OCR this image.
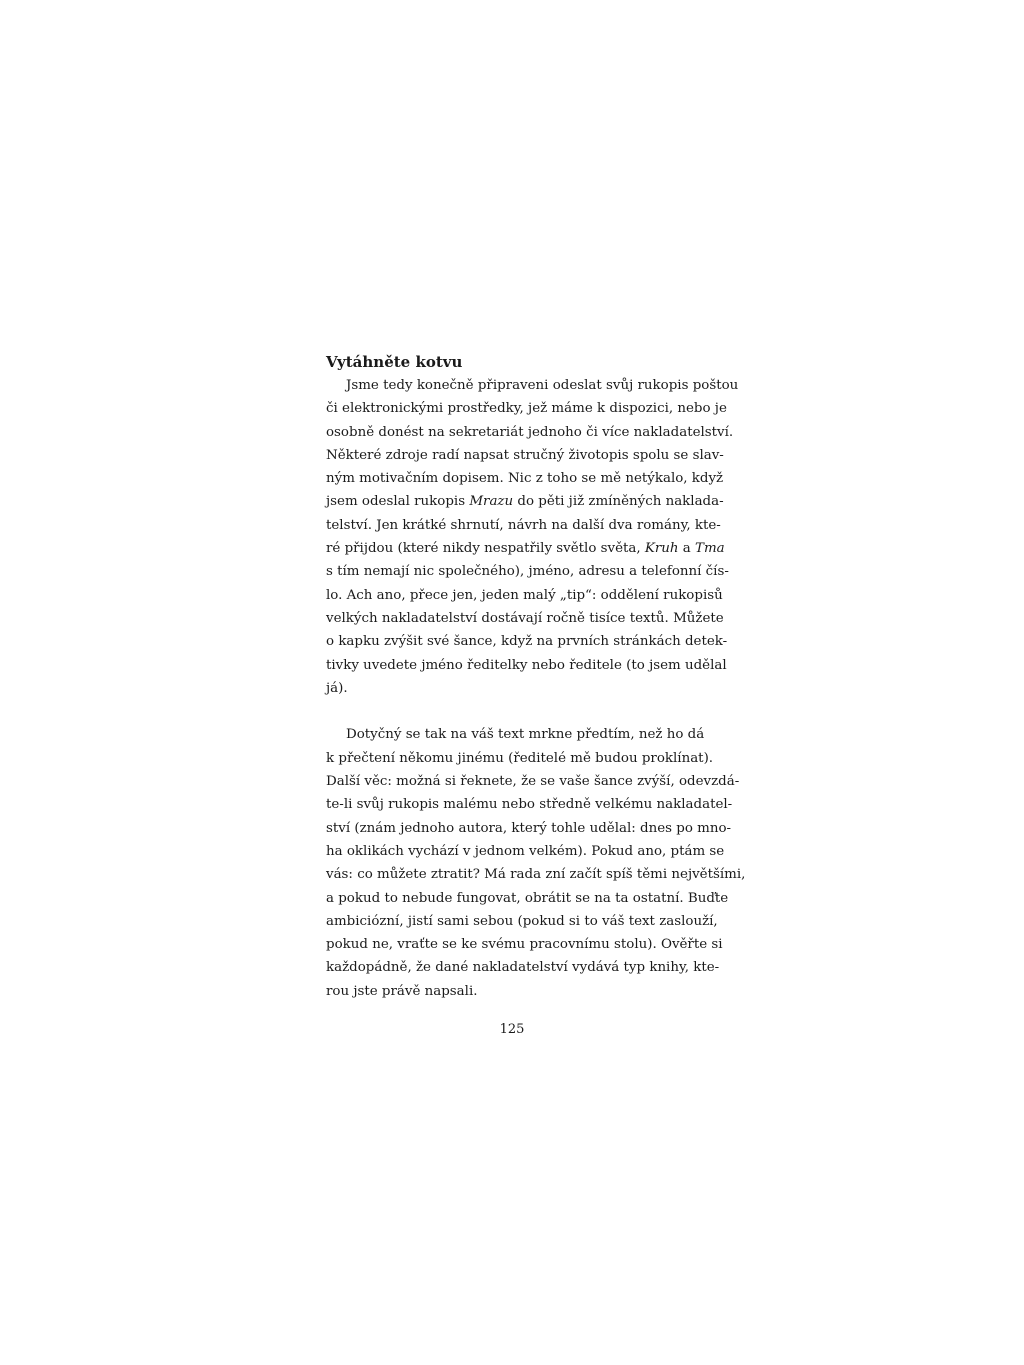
Vytáhněte kotvu
Jsme tedy konečně připraveni odeslat svůj rukopis poštou
či elektronickými prostředky, jež máme k dispozici, nebo je
osobně donést na sekretariát jednoho či více nakladatelství.
Některé zdroje radí napsat stručný životopis spolu se slav-
ným motivačním dopisem. Nic z toho se mě netýkalo, když
jsem odeslal rukopis Mrazu do pěti již zmíněných naklada-
telství. Jen krátké shrnutí, návrh na další dva romány, kte-
ré přijdou (které nikdy nespatřily světlo světa, Kruh a Tma
s tím nemají nic společného), jméno, adresu a telefonní čís-
lo. Ach ano, přece jen, jeden malý „tip“: oddělení rukopisů
velkých nakladatelství dostávají ročně tisíce textů. Můžete
o kapku zvýšit své šance, když na prvních stránkách detek-
tivky uvedete jméno ředitelky nebo ředitele (to jsem udělal
já).
Dotyčný se tak na váš text mrkne předtím, než ho dá
k přečtení někomu jinému (ředitelé mě budou proklínat).
Další věc: možná si řeknete, že se vaše šance zvýší, odevzdá-
te-li svůj rukopis malému nebo středně velkému nakladatel-
ství (znám jednoho autora, který tohle udělal: dnes po mno-
ha oklikách vychází v jednom velkém). Pokud ano, ptám se
vás: co můžete ztratit? Má rada zní začít spíš těmi největšími,
a pokud to nebude fungovat, obrátit se na ta ostatní. Buďte
ambiciózní, jistí sami sebou (pokud si to váš text zaslouží,
pokud ne, vraťte se ke svému pracovnímu stolu). Ověřte si
každopádně, že dané nakladatelství vydává typ knihy, kte-
rou jste právě napsali.
125
